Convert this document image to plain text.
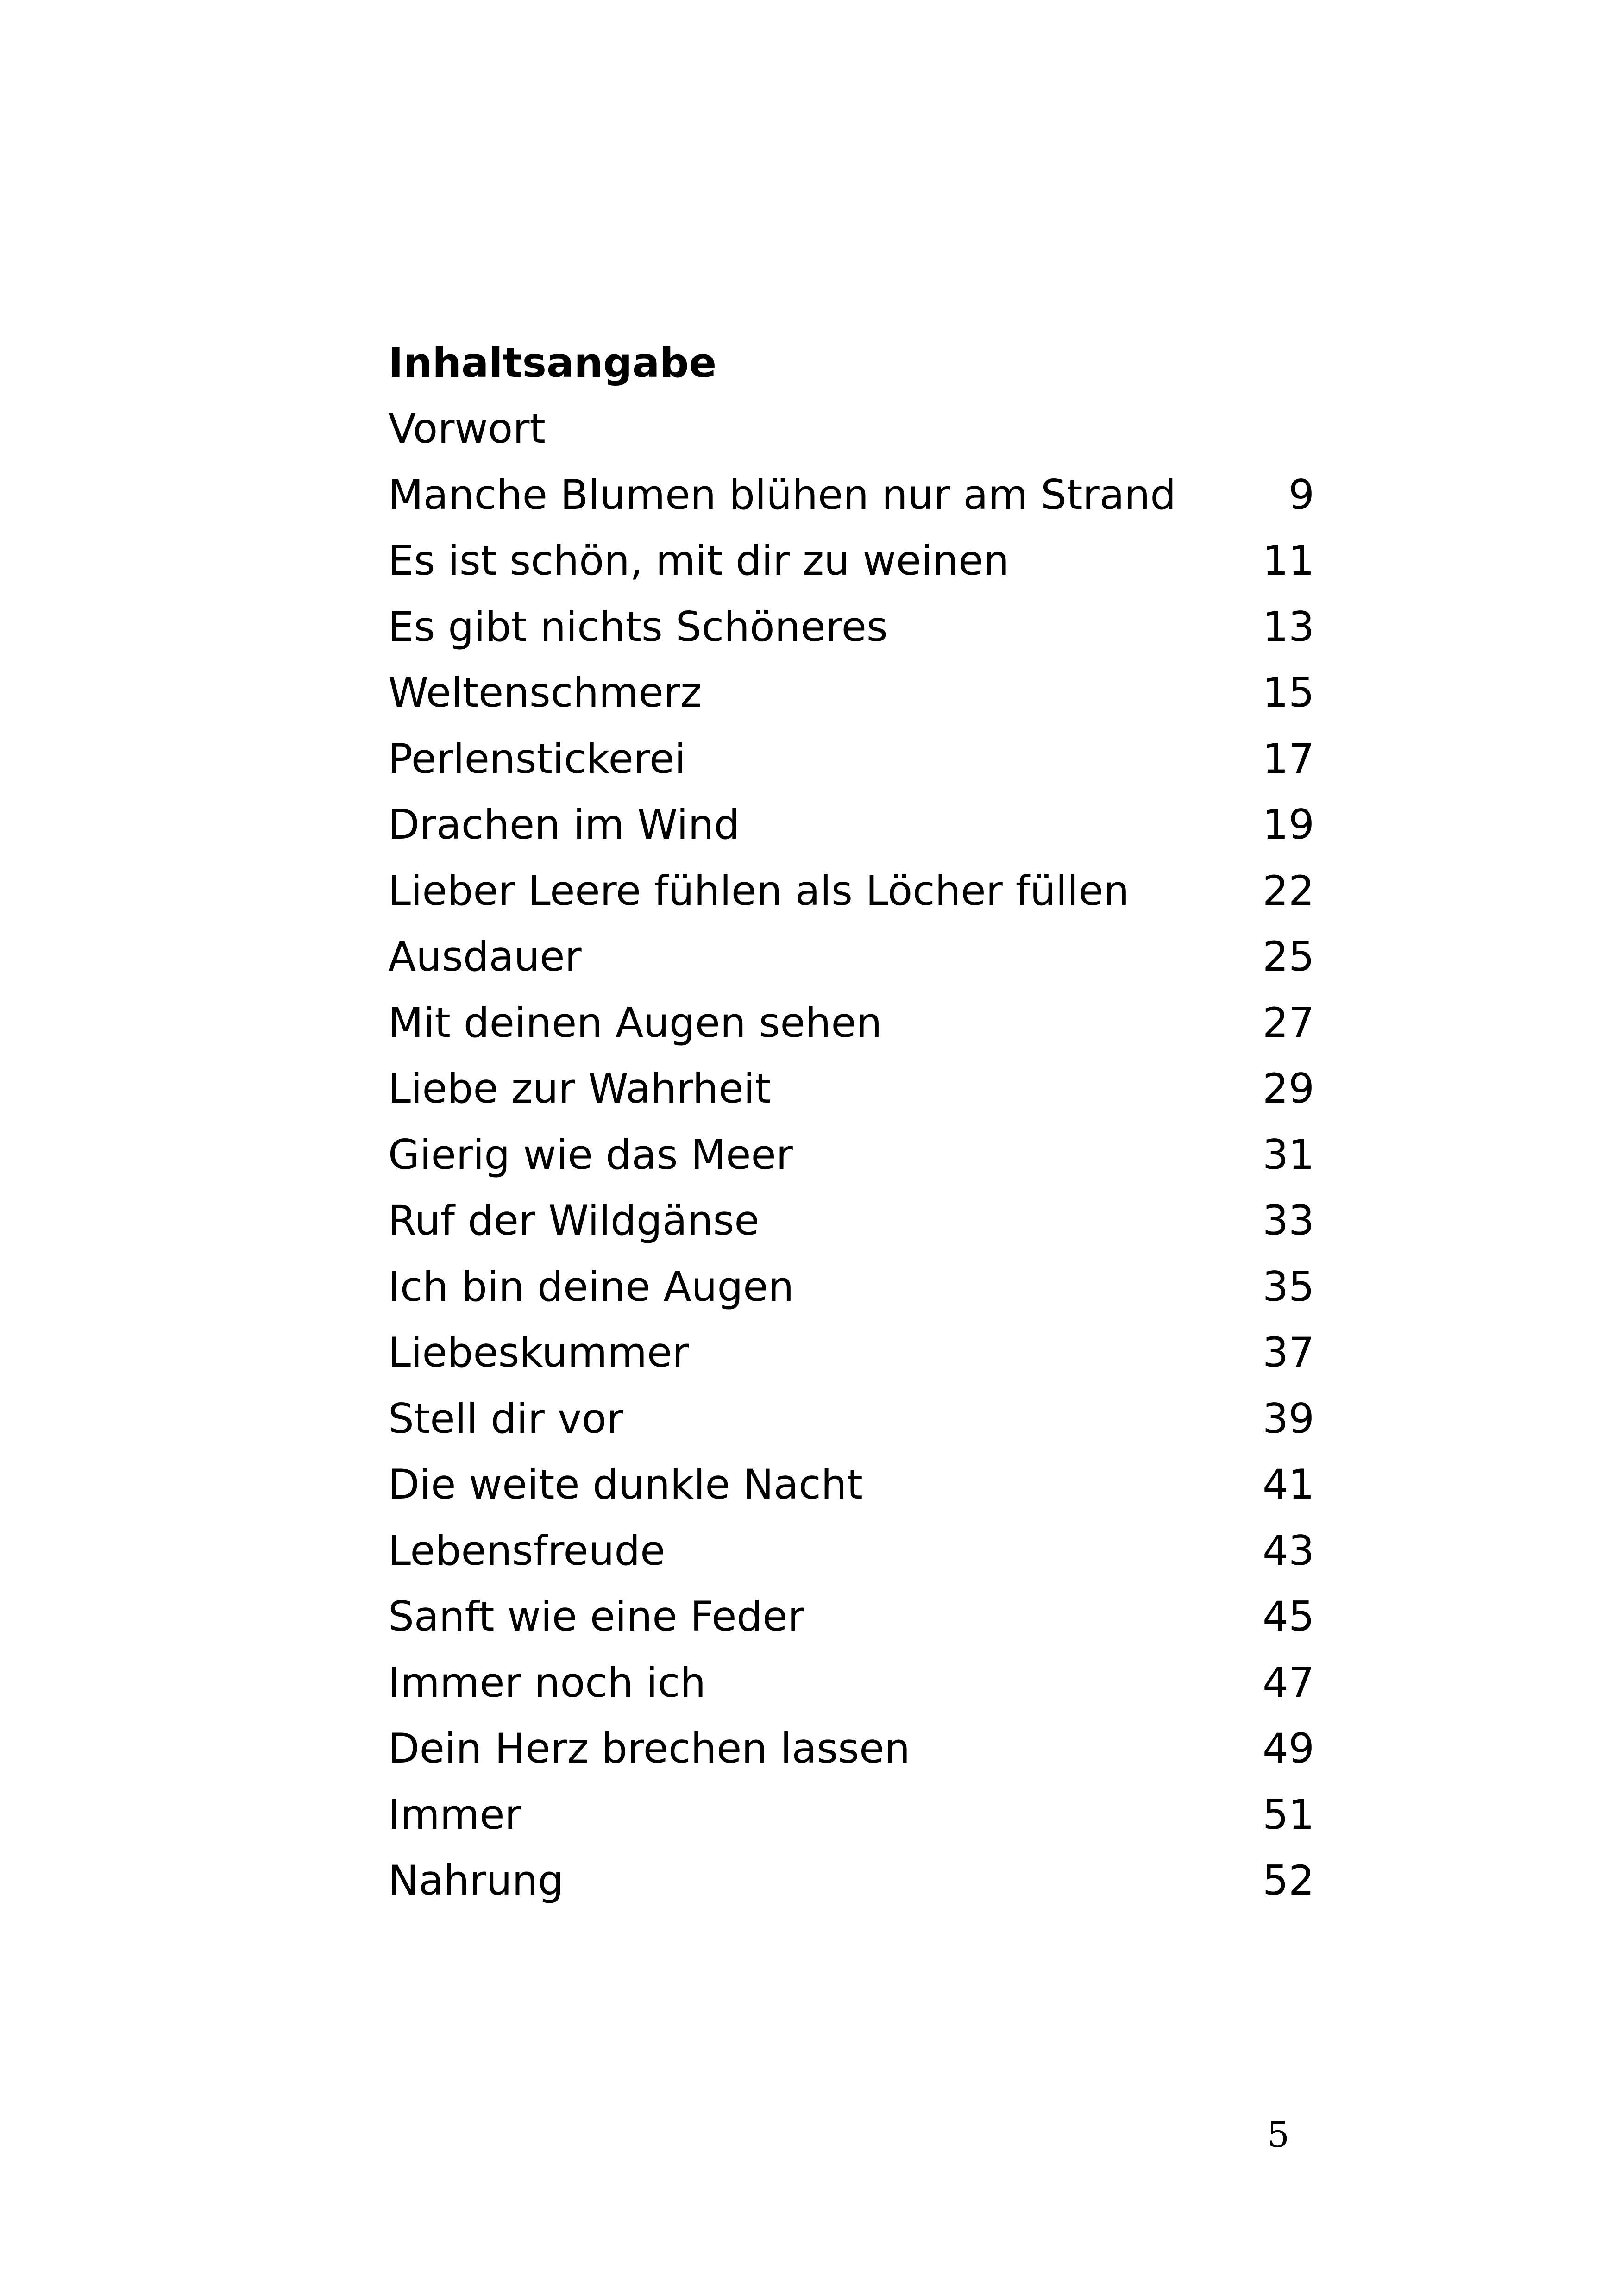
Inhaltsangabe
Vorwort
Manche Blumen blühen nur am Strand	9
Es ist schön, mit dir zu weinen	11
Es gibt nichts Schöneres	13
Weltenschmerz	15
Perlenstickerei	17
Drachen im Wind	19
Lieber Leere fühlen als Löcher füllen	22
Ausdauer	25
Mit deinen Augen sehen	27
Liebe zur Wahrheit	29
Gierig wie das Meer	31
Ruf der Wildgänse	33
Ich bin deine Augen	35
Liebeskummer	37
Stell dir vor	39
Die weite dunkle Nacht	41
Lebensfreude	43
Sanft wie eine Feder	45
Immer noch ich	47
Dein Herz brechen lassen	49
Immer	51
Nahrung	52
5
